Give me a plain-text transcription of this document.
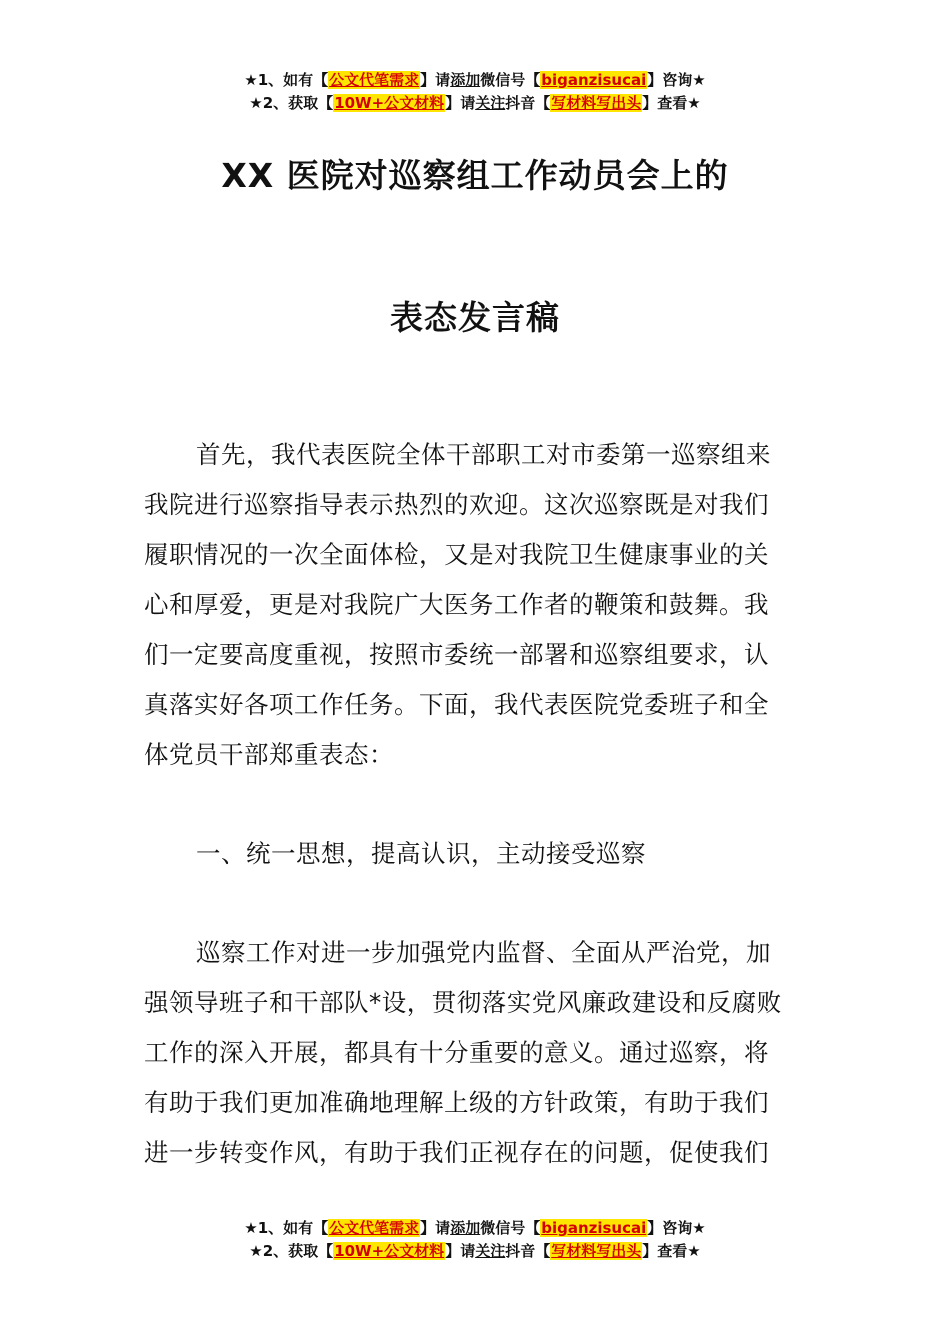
★1、如有【公文代笔需求】请添加微信号【biganzisucai】咨询★
★2、获取【10W+公文材料】请关注抖音【写材料写出头】查看★
XX 医院对巡察组工作动员会上的
表态发言稿
首先，我代表医院全体干部职工对市委第一巡察组来
我院进行巡察指导表示热烈的欢迎。这次巡察既是对我们
履职情况的一次全面体检，又是对我院卫生健康事业的关
心和厚爱，更是对我院广大医务工作者的鞭策和鼓舞。我
们一定要高度重视，按照市委统一部署和巡察组要求，认
真落实好各项工作任务。下面，我代表医院党委班子和全
体党员干部郑重表态：
一、统一思想，提高认识，主动接受巡察
巡察工作对进一步加强党内监督、全面从严治党，加
强领导班子和干部队*设，贯彻落实党风廉政建设和反腐败
工作的深入开展，都具有十分重要的意义。通过巡察，将
有助于我们更加准确地理解上级的方针政策，有助于我们
进一步转变作风，有助于我们正视存在的问题，促使我们
★1、如有【公文代笔需求】请添加微信号【biganzisucai】咨询★
★2、获取【10W+公文材料】请关注抖音【写材料写出头】查看★
